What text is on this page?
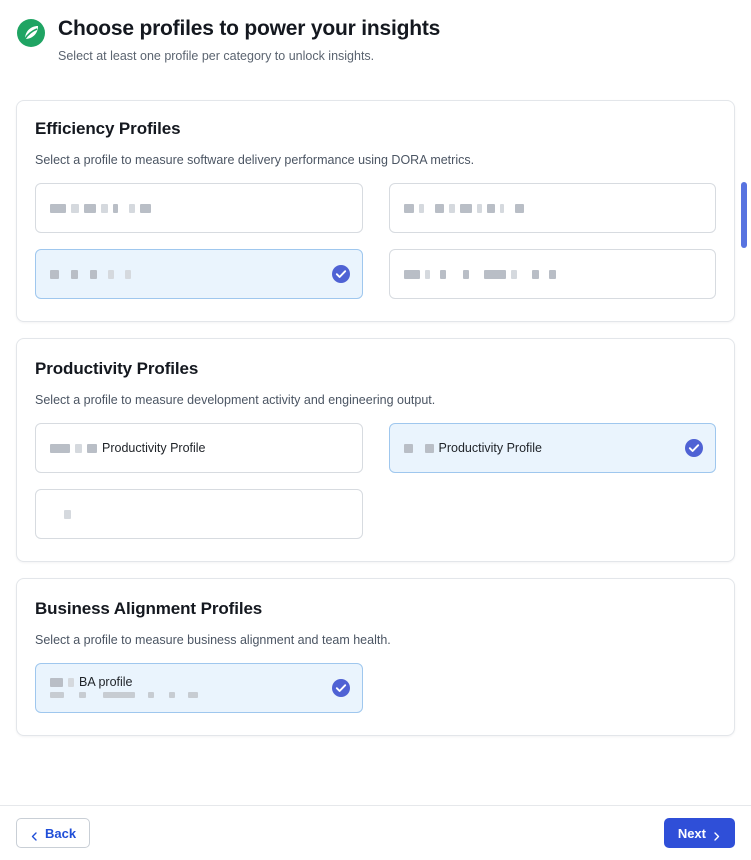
Choose profiles to power your insights

Select at least one profile per category to unlock insights.

Efficiency Profiles

Select a profile to measure software delivery performance using DORA metrics.

Productivity Profiles

Select a profile to measure development activity and engineering output.

Productivity Profile	Productivity Profile
Business Alignment Profiles

Select a profile to measure business alignment and team health.

BA profile
Back	Next
